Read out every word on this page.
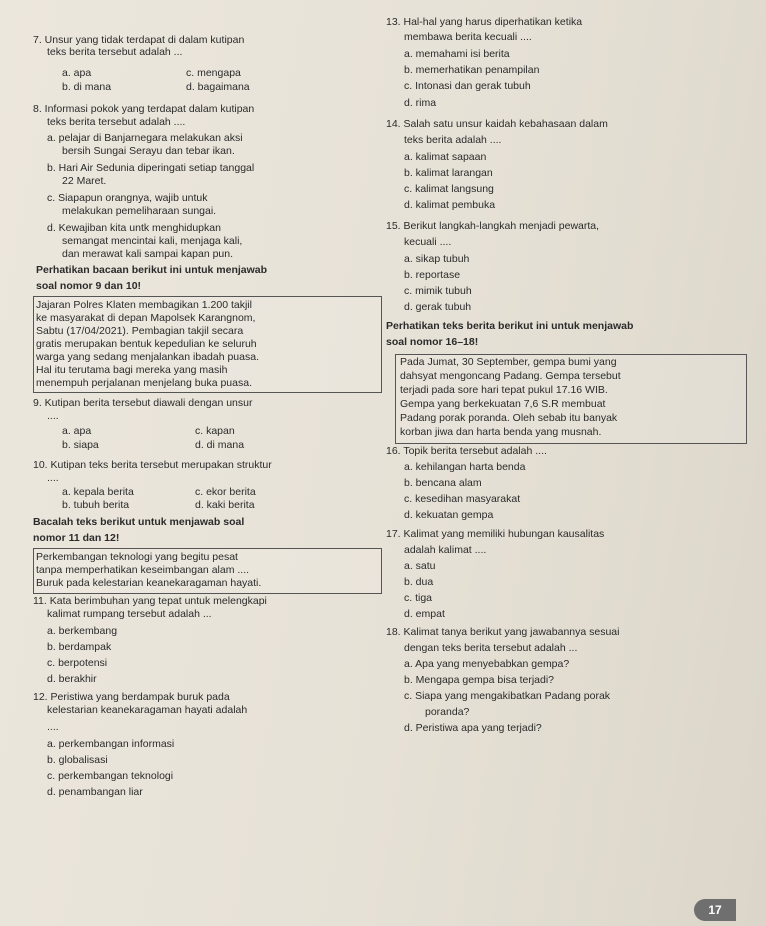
7. Unsur yang tidak terdapat di dalam kutipan
teks berita tersebut adalah ...
a. apa	c. mengapa
b. di mana	d. bagaimana
8. Informasi pokok yang terdapat dalam kutipan
teks berita tersebut adalah ....
a. pelajar di Banjarnegara melakukan aksi
bersih Sungai Serayu dan tebar ikan.
b. Hari Air Sedunia diperingati setiap tanggal
22 Maret.
c. Siapapun orangnya, wajib untuk
melakukan pemeliharaan sungai.
d. Kewajiban kita untk menghidupkan
semangat mencintai kali, menjaga kali,
dan merawat kali sampai kapan pun.
Perhatikan bacaan berikut ini untuk menjawab
soal nomor 9 dan 10!
Jajaran Polres Klaten membagikan 1.200 takjil
ke masyarakat di depan Mapolsek Karangnom,
Sabtu (17/04/2021). Pembagian takjil secara
gratis merupakan bentuk kepedulian ke seluruh
warga yang sedang menjalankan ibadah puasa.
Hal itu terutama bagi mereka yang masih
menempuh perjalanan menjelang buka puasa.
9. Kutipan berita tersebut diawali dengan unsur
....
a. apa	c. kapan
b. siapa	d. di mana
10. Kutipan teks berita tersebut merupakan struktur
....
a. kepala berita	c. ekor berita
b. tubuh berita	d. kaki berita
Bacalah teks berikut untuk menjawab soal
nomor 11 dan 12!
Perkembangan teknologi yang begitu pesat
tanpa memperhatikan keseimbangan alam ....
Buruk pada kelestarian keanekaragaman hayati.
11. Kata berimbuhan yang tepat untuk melengkapi
kalimat rumpang tersebut adalah ...
a. berkembang
b. berdampak
c. berpotensi
d. berakhir
12. Peristiwa yang berdampak buruk pada
kelestarian keanekaragaman hayati adalah
....
a. perkembangan informasi
b. globalisasi
c. perkembangan teknologi
d. penambangan liar
13. Hal-hal yang harus diperhatikan ketika
membawa berita kecuali ....
a. memahami isi berita
b. memerhatikan penampilan
c. Intonasi dan gerak tubuh
d. rima
14. Salah satu unsur kaidah kebahasaan dalam
teks berita adalah ....
a. kalimat sapaan
b. kalimat larangan
c. kalimat langsung
d. kalimat pembuka
15. Berikut langkah-langkah menjadi pewarta,
kecuali ....
a. sikap tubuh
b. reportase
c. mimik tubuh
d. gerak tubuh
Perhatikan teks berita berikut ini untuk menjawab
soal nomor 16–18!
Pada Jumat, 30 September, gempa bumi yang
dahsyat mengoncang Padang. Gempa tersebut
terjadi pada sore hari tepat pukul 17.16 WIB.
Gempa yang berkekuatan 7,6 S.R membuat
Padang porak poranda. Oleh sebab itu banyak
korban jiwa dan harta benda yang musnah.
16. Topik berita tersebut adalah ....
a. kehilangan harta benda
b. bencana alam
c. kesedihan masyarakat
d. kekuatan gempa
17. Kalimat yang memiliki hubungan kausalitas
adalah kalimat ....
a. satu
b. dua
c. tiga
d. empat
18. Kalimat tanya berikut yang jawabannya sesuai
dengan teks berita tersebut adalah ...
a. Apa yang menyebabkan gempa?
b. Mengapa gempa bisa terjadi?
c. Siapa yang mengakibatkan Padang porak
poranda?
d. Peristiwa apa yang terjadi?
17
